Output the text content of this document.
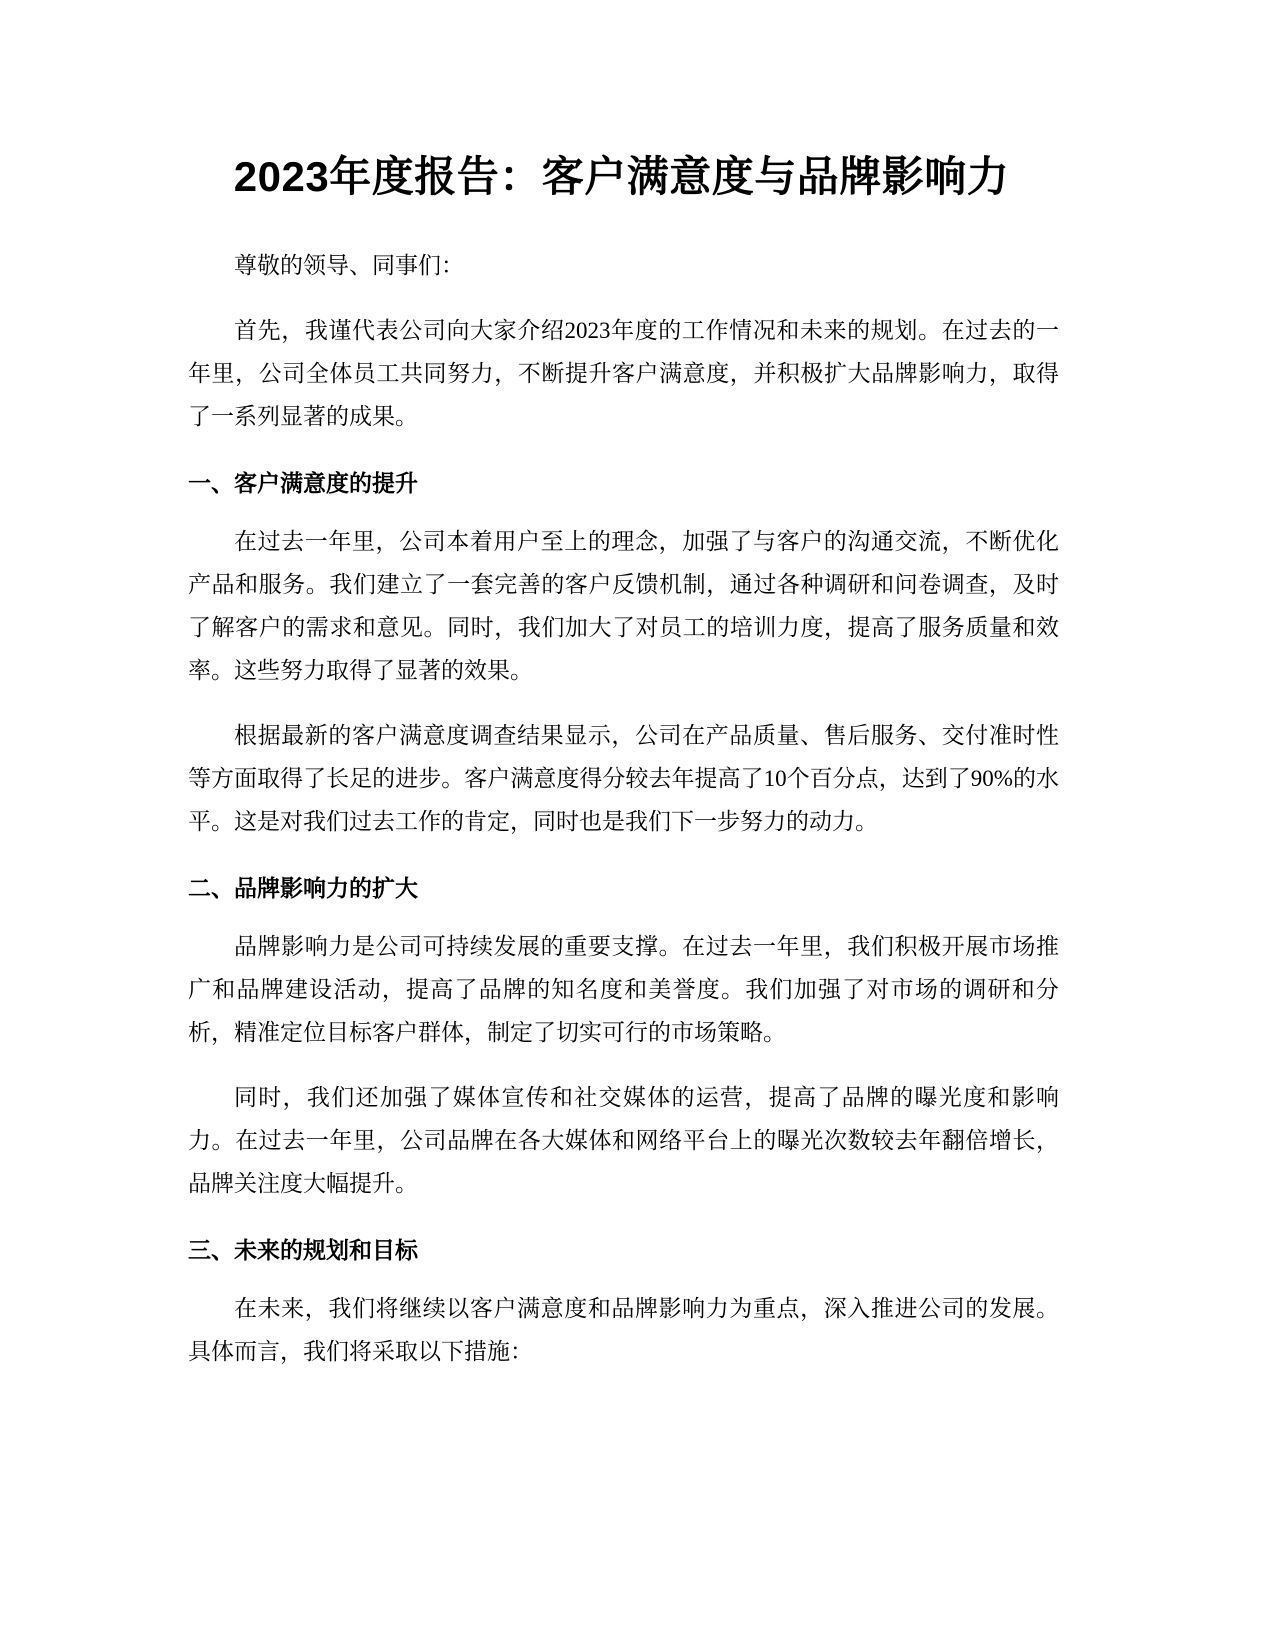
2023年度报告：客户满意度与品牌影响力

尊敬的领导、同事们：

首先，我谨代表公司向大家介绍2023年度的工作情况和未来的规划。在过去的一年里，公司全体员工共同努力，不断提升客户满意度，并积极扩大品牌影响力，取得了一系列显著的成果。

一、客户满意度的提升

在过去一年里，公司本着用户至上的理念，加强了与客户的沟通交流，不断优化产品和服务。我们建立了一套完善的客户反馈机制，通过各种调研和问卷调查，及时了解客户的需求和意见。同时，我们加大了对员工的培训力度，提高了服务质量和效率。这些努力取得了显著的效果。

根据最新的客户满意度调查结果显示，公司在产品质量、售后服务、交付准时性等方面取得了长足的进步。客户满意度得分较去年提高了10个百分点，达到了90%的水平。这是对我们过去工作的肯定，同时也是我们下一步努力的动力。

二、品牌影响力的扩大

品牌影响力是公司可持续发展的重要支撑。在过去一年里，我们积极开展市场推广和品牌建设活动，提高了品牌的知名度和美誉度。我们加强了对市场的调研和分析，精准定位目标客户群体，制定了切实可行的市场策略。

同时，我们还加强了媒体宣传和社交媒体的运营，提高了品牌的曝光度和影响力。在过去一年里，公司品牌在各大媒体和网络平台上的曝光次数较去年翻倍增长，品牌关注度大幅提升。

三、未来的规划和目标

在未来，我们将继续以客户满意度和品牌影响力为重点，深入推进公司的发展。具体而言，我们将采取以下措施：
